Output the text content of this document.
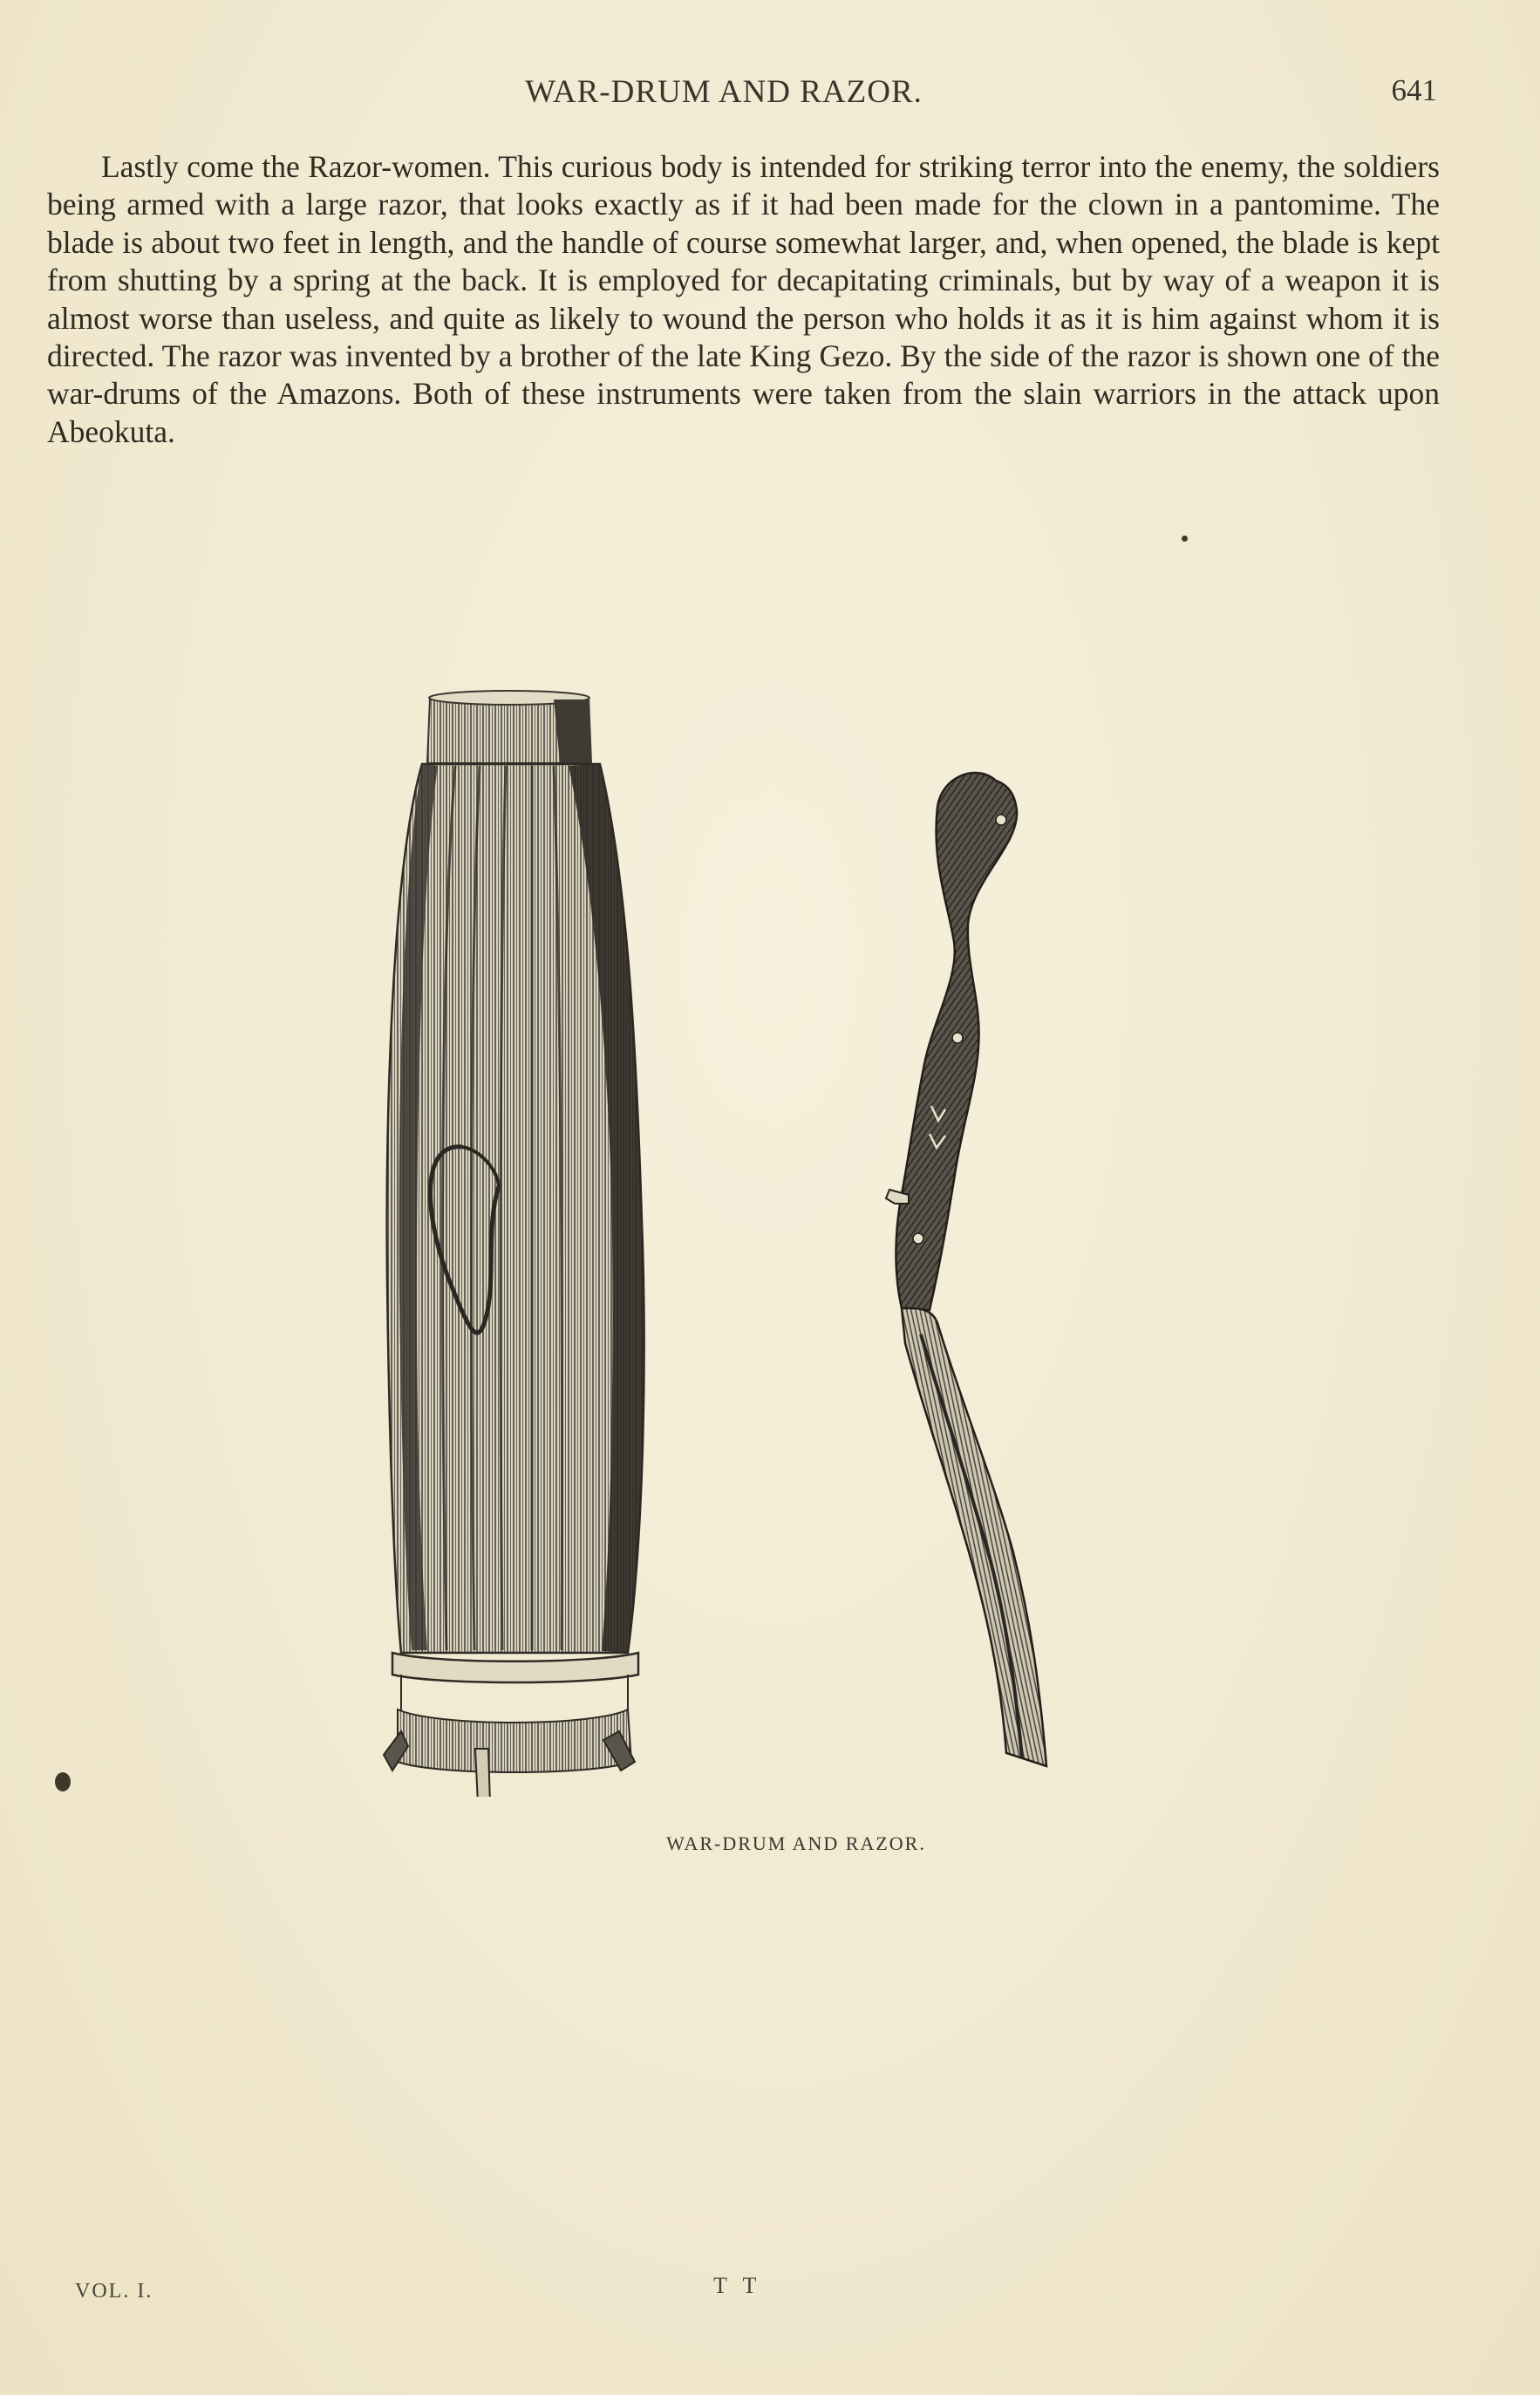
WAR-DRUM AND RAZOR.	641

Lastly come the Razor-women. This curious body is intended for striking terror into the enemy, the soldiers being armed with a large razor, that looks exactly as if it had been made for the clown in a pantomime. The blade is about two feet in length, and the handle of course somewhat larger, and, when opened, the blade is kept from shutting by a spring at the back. It is employed for decapitating criminals, but by way of a weapon it is almost worse than useless, and quite as likely to wound the person who holds it as it is him against whom it is directed. The razor was invented by a brother of the late King Gezo. By the side of the razor is shown one of the war-drums of the Amazons. Both of these instruments were taken from the slain warriors in the attack upon Abeokuta.

WAR-DRUM AND RAZOR.
VOL. I.	T T
